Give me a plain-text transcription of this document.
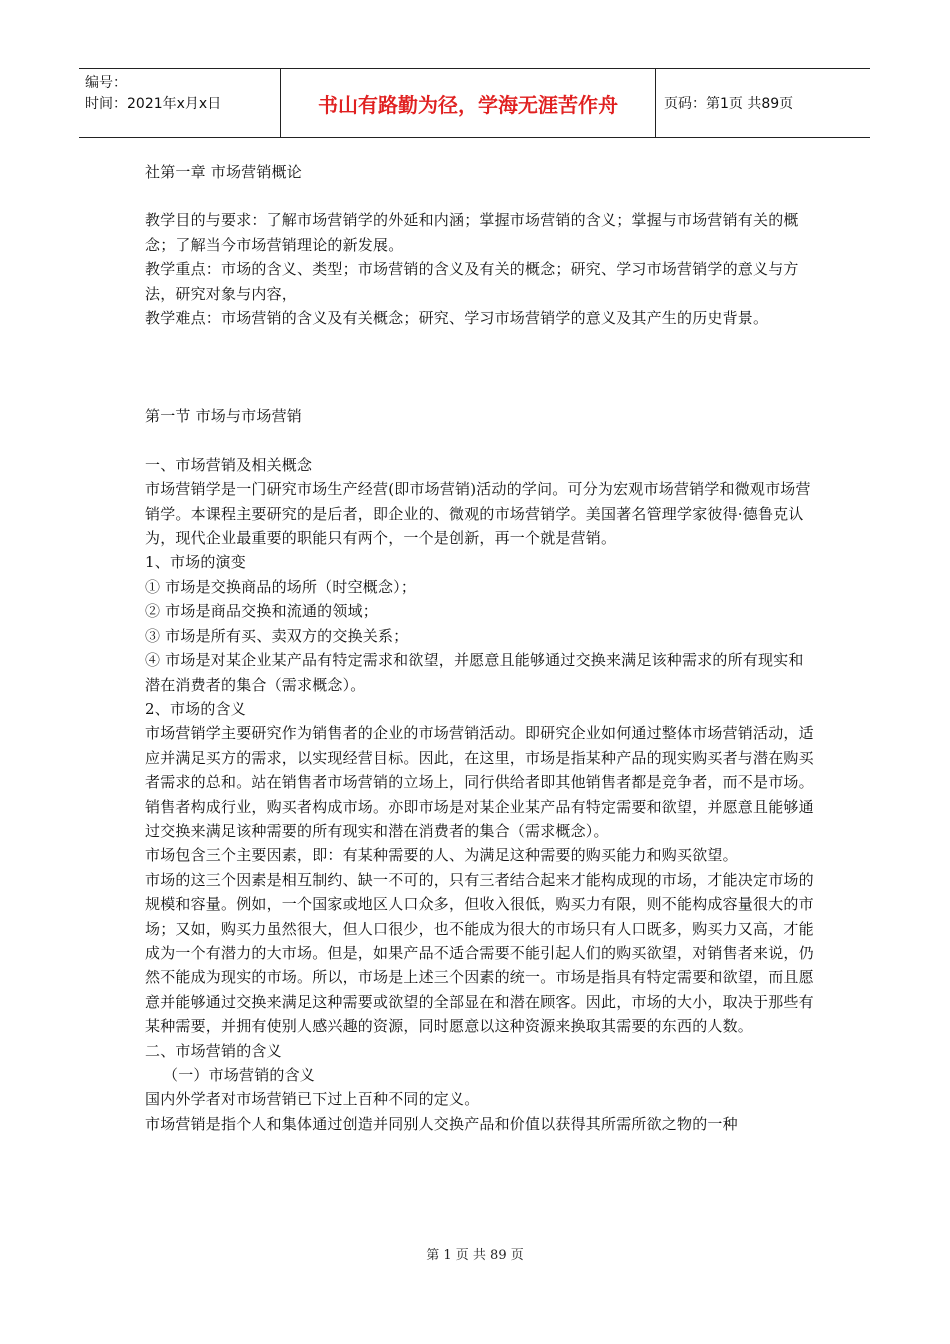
编号：
时间：2021年x月x日	书山有路勤为径，学海无涯苦作舟	页码：第1页 共89页

社第一章 市场营销概论

教学目的与要求：了解市场营销学的外延和内涵；掌握市场营销的含义；掌握与市场营销有关的概念；了解当今市场营销理论的新发展。

教学重点：市场的含义、类型；市场营销的含义及有关的概念；研究、学习市场营销学的意义与方法，研究对象与内容，

教学难点：市场营销的含义及有关概念；研究、学习市场营销学的意义及其产生的历史背景。

第一节 市场与市场营销

一、市场营销及相关概念

市场营销学是一门研究市场生产经营(即市场营销)活动的学问。可分为宏观市场营销学和微观市场营销学。本课程主要研究的是后者，即企业的、微观的市场营销学。美国著名管理学家彼得·德鲁克认为，现代企业最重要的职能只有两个，一个是创新，再一个就是营销。

1、市场的演变

① 市场是交换商品的场所（时空概念）；

② 市场是商品交换和流通的领域；

③ 市场是所有买、卖双方的交换关系；

④ 市场是对某企业某产品有特定需求和欲望，并愿意且能够通过交换来满足该种需求的所有现实和潜在消费者的集合（需求概念）。

2、市场的含义

市场营销学主要研究作为销售者的企业的市场营销活动。即研究企业如何通过整体市场营销活动，适应并满足买方的需求，以实现经营目标。因此，在这里，市场是指某种产品的现实购买者与潜在购买者需求的总和。站在销售者市场营销的立场上，同行供给者即其他销售者都是竞争者，而不是市场。销售者构成行业，购买者构成市场。亦即市场是对某企业某产品有特定需要和欲望，并愿意且能够通过交换来满足该种需要的所有现实和潜在消费者的集合（需求概念）。

市场包含三个主要因素，即：有某种需要的人、为满足这种需要的购买能力和购买欲望。

市场的这三个因素是相互制约、缺一不可的，只有三者结合起来才能构成现的市场，才能决定市场的规模和容量。例如，一个国家或地区人口众多，但收入很低，购买力有限，则不能构成容量很大的市场；又如，购买力虽然很大，但人口很少，也不能成为很大的市场只有人口既多，购买力又高，才能成为一个有潜力的大市场。但是，如果产品不适合需要不能引起人们的购买欲望，对销售者来说，仍然不能成为现实的市场。所以，市场是上述三个因素的统一。市场是指具有特定需要和欲望，而且愿意并能够通过交换来满足这种需要或欲望的全部显在和潜在顾客。因此，市场的大小，取决于那些有某种需要，并拥有使别人感兴趣的资源，同时愿意以这种资源来换取其需要的东西的人数。

二、市场营销的含义

（一）市场营销的含义

国内外学者对市场营销已下过上百种不同的定义。

市场营销是指个人和集体通过创造并同别人交换产品和价值以获得其所需所欲之物的一种

第 1 页 共 89 页
